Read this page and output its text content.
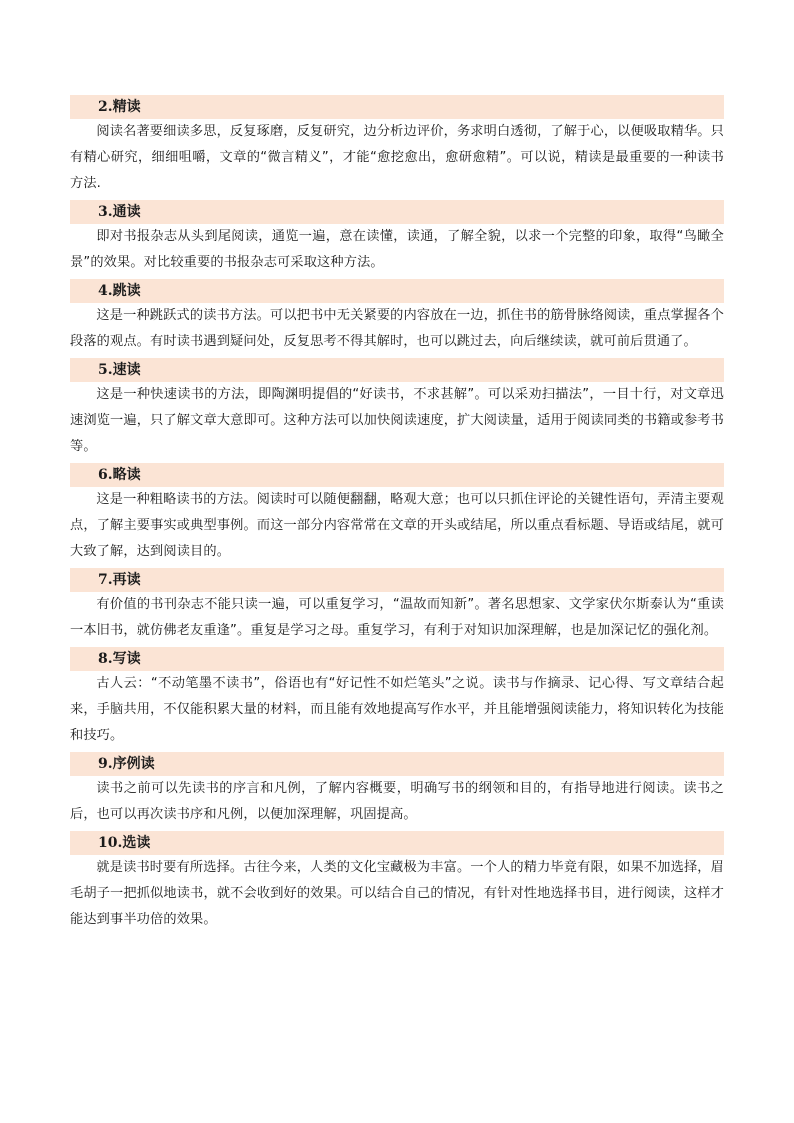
2.精读

阅读名著要细读多思，反复琢磨，反复研究，边分析边评价，务求明白透彻，了解于心，以便吸取精华。只有精心研究，细细咀嚼，文章的“微言精义”，才能“愈挖愈出，愈研愈精”。可以说，精读是最重要的一种读书方法.

3.通读

即对书报杂志从头到尾阅读，通览一遍，意在读懂，读通，了解全貌，以求一个完整的印象，取得“鸟瞰全景”的效果。对比较重要的书报杂志可采取这种方法。

4.跳读

这是一种跳跃式的读书方法。可以把书中无关紧要的内容放在一边，抓住书的筋骨脉络阅读，重点掌握各个段落的观点。有时读书遇到疑问处，反复思考不得其解时，也可以跳过去，向后继续读，就可前后贯通了。

5.速读

这是一种快速读书的方法，即陶渊明提倡的“好读书，不求甚解”。可以采劝扫描法”，一目十行，对文章迅速浏览一遍，只了解文章大意即可。这种方法可以加快阅读速度，扩大阅读量，适用于阅读同类的书籍或参考书等。

6.略读

这是一种粗略读书的方法。阅读时可以随便翻翻，略观大意；也可以只抓住评论的关键性语句，弄清主要观点，了解主要事实或典型事例。而这一部分内容常常在文章的开头或结尾，所以重点看标题、导语或结尾，就可大致了解，达到阅读目的。

7.再读

有价值的书刊杂志不能只读一遍，可以重复学习，“温故而知新”。著名思想家、文学家伏尔斯泰认为“重读一本旧书，就仿佛老友重逢”。重复是学习之母。重复学习，有利于对知识加深理解，也是加深记忆的强化剂。

8.写读

古人云：“不动笔墨不读书”，俗语也有“好记性不如烂笔头”之说。读书与作摘录、记心得、写文章结合起来，手脑共用，不仅能积累大量的材料，而且能有效地提高写作水平，并且能增强阅读能力，将知识转化为技能和技巧。

9.序例读

读书之前可以先读书的序言和凡例，了解内容概要，明确写书的纲领和目的，有指导地进行阅读。读书之后，也可以再次读书序和凡例，以便加深理解，巩固提高。

10.选读

就是读书时要有所选择。古往今来，人类的文化宝藏极为丰富。一个人的精力毕竟有限，如果不加选择，眉毛胡子一把抓似地读书，就不会收到好的效果。可以结合自己的情况，有针对性地选择书目，进行阅读，这样才能达到事半功倍的效果。
